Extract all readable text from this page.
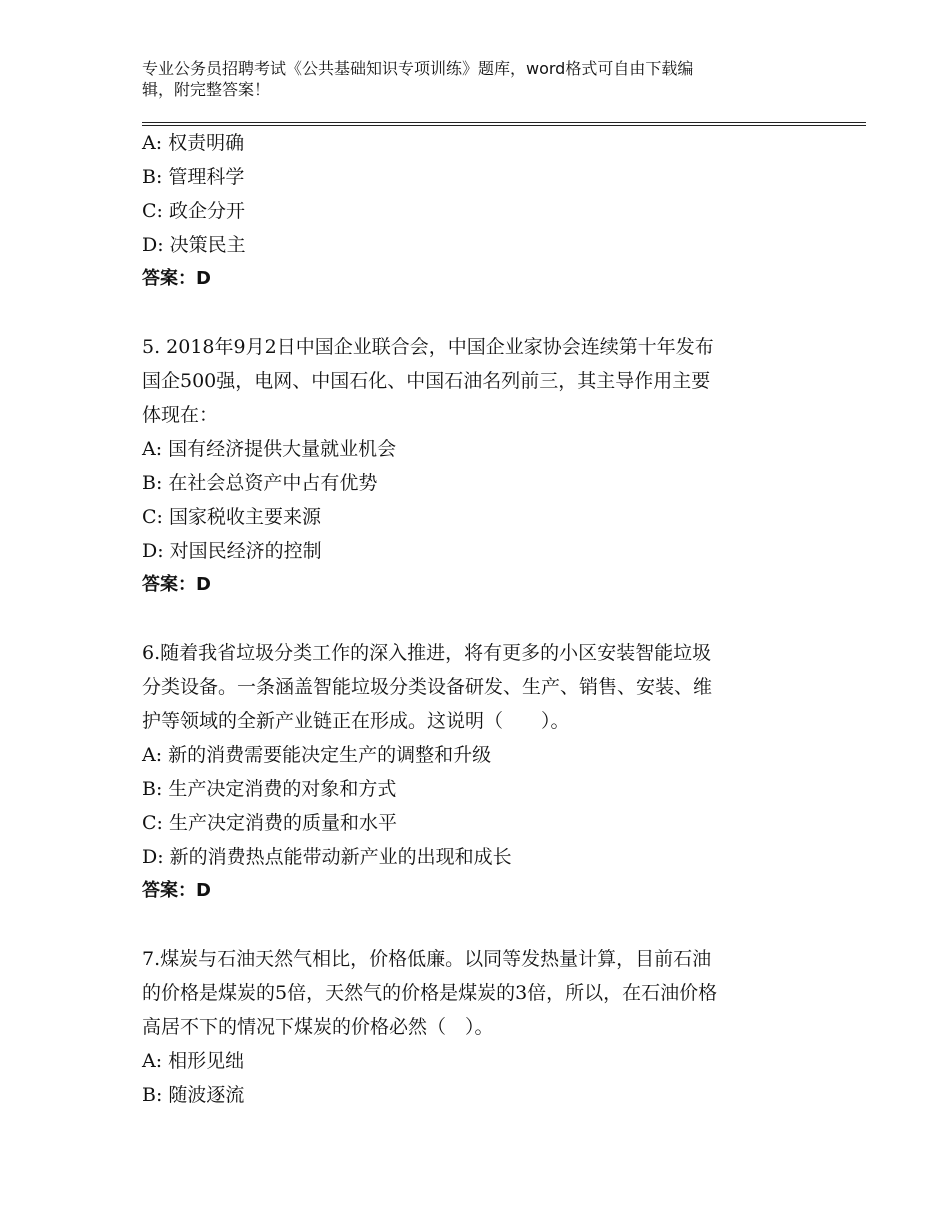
专业公务员招聘考试《公共基础知识专项训练》题库，word格式可自由下载编
辑，附完整答案！
A: 权责明确
B: 管理科学
C: 政企分开
D: 决策民主
答案：D
5. 2018年9月2日中国企业联合会，中国企业家协会连续第十年发布
国企500强，电网、中国石化、中国石油名列前三，其主导作用主要
体现在：
A: 国有经济提供大量就业机会
B: 在社会总资产中占有优势
C: 国家税收主要来源
D: 对国民经济的控制
答案：D
6.随着我省垃圾分类工作的深入推进，将有更多的小区安装智能垃圾
分类设备。一条涵盖智能垃圾分类设备研发、生产、销售、安装、维
护等领域的全新产业链正在形成。这说明（　　）。
A: 新的消费需要能决定生产的调整和升级
B: 生产决定消费的对象和方式
C: 生产决定消费的质量和水平
D: 新的消费热点能带动新产业的出现和成长
答案：D
7.煤炭与石油天然气相比，价格低廉。以同等发热量计算，目前石油
的价格是煤炭的5倍，天然气的价格是煤炭的3倍，所以，在石油价格
高居不下的情况下煤炭的价格必然（　）。
A: 相形见绌
B: 随波逐流
